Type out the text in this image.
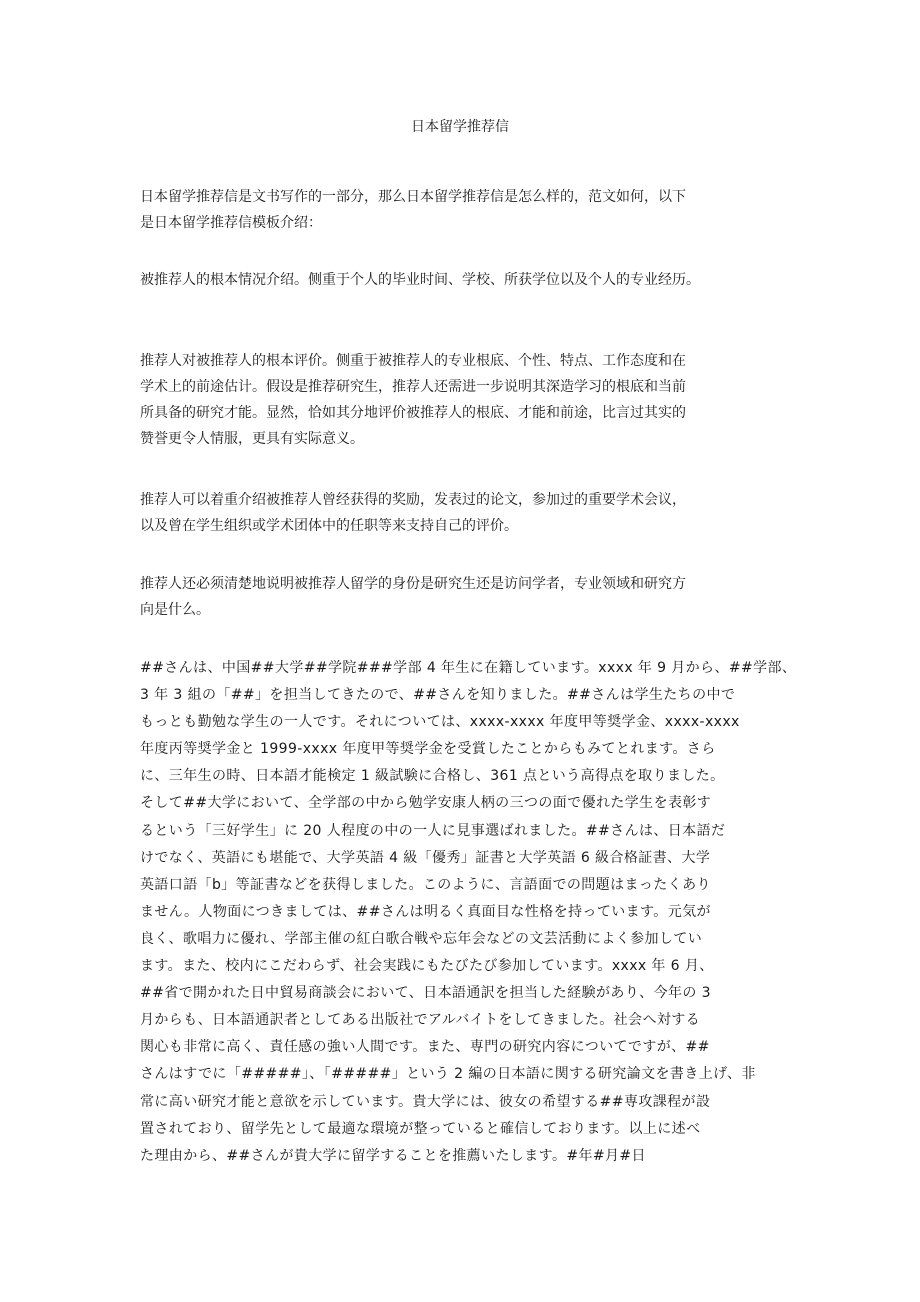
日本留学推荐信
日本留学推荐信是文书写作的一部分，那么日本留学推荐信是怎么样的，范文如何，以下
是日本留学推荐信模板介绍：
被推荐人的根本情况介绍。侧重于个人的毕业时间、学校、所获学位以及个人的专业经历。
推荐人对被推荐人的根本评价。侧重于被推荐人的专业根底、个性、特点、工作态度和在
学术上的前途估计。假设是推荐研究生，推荐人还需进一步说明其深造学习的根底和当前
所具备的研究才能。显然，恰如其分地评价被推荐人的根底、才能和前途，比言过其实的
赞誉更令人情服，更具有实际意义。
推荐人可以着重介绍被推荐人曾经获得的奖励，发表过的论文，参加过的重要学术会议，
以及曾在学生组织或学术团体中的任职等来支持自己的评价。
推荐人还必须清楚地说明被推荐人留学的身份是研究生还是访问学者，专业领域和研究方
向是什么。
##さんは、中国##大学##学院###学部 4 年生に在籍しています。xxxx 年 9 月から、##学部、
3 年 3 組の「##」を担当してきたので、##さんを知りました。##さんは学生たちの中で
もっとも勤勉な学生の一人です。それについては、xxxx-xxxx 年度甲等奨学金、xxxx-xxxx
年度丙等奨学金と 1999-xxxx 年度甲等奨学金を受賞したことからもみてとれます。さら
に、三年生の時、日本語才能検定 1 級試験に合格し、361 点という高得点を取りました。
そして##大学において、全学部の中から勉学安康人柄の三つの面で優れた学生を表彰す
るという「三好学生」に 20 人程度の中の一人に見事選ばれました。##さんは、日本語だ
けでなく、英語にも堪能で、大学英語 4 級「優秀」証書と大学英語 6 級合格証書、大学
英語口語「b」等証書などを获得しました。このように、言語面での問題はまったくあり
ません。人物面につきましては、##さんは明るく真面目な性格を持っています。元気が
良く、歌唱力に優れ、学部主催の紅白歌合戦や忘年会などの文芸活動によく参加してい
ます。また、校内にこだわらず、社会実践にもたびたび参加しています。xxxx 年 6 月、
##省で開かれた日中貿易商談会において、日本語通訳を担当した経験があり、今年の 3
月からも、日本語通訳者としてある出版社でアルバイトをしてきました。社会へ対する
関心も非常に高く、責任感の強い人間です。また、専門の研究内容についてですが、##
さんはすでに「#####」、「#####」という 2 編の日本語に関する研究論文を書き上げ、非
常に高い研究才能と意欲を示しています。貴大学には、彼女の希望する##専攻課程が設
置されており、留学先として最適な環境が整っていると確信しております。以上に述べ
た理由から、##さんが貴大学に留学することを推薦いたします。#年#月#日
